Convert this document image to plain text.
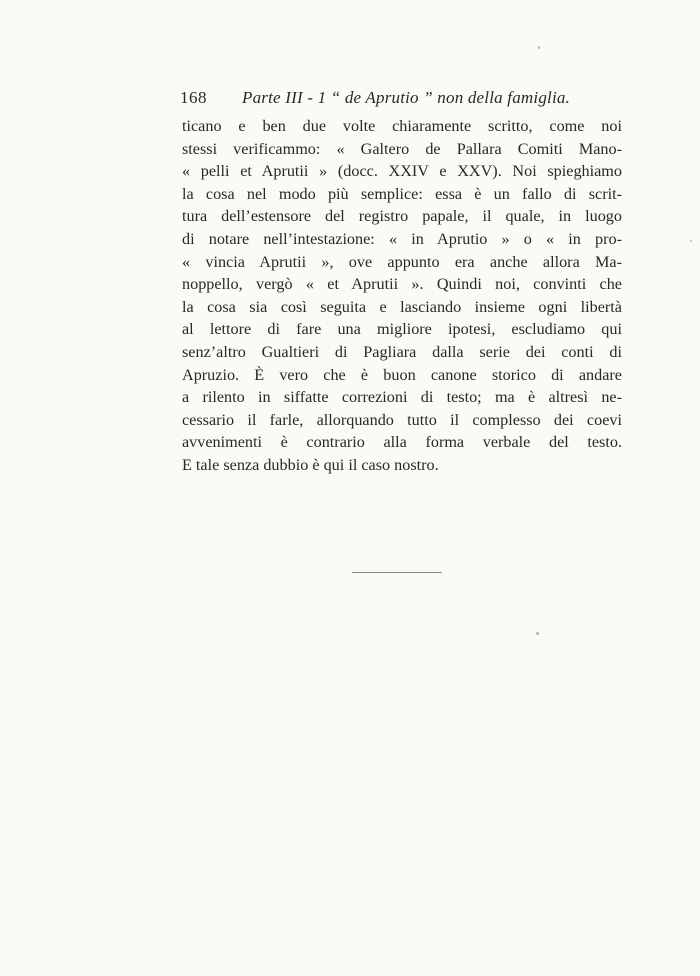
168 Parte III - 1 “ de Aprutio ” non della famiglia.
ticano e ben due volte chiaramente scritto, come noi
stessi verificammo: « Galtero de Pallara Comiti Mano-
« pelli et Aprutii » (docc. XXIV e XXV). Noi spieghiamo
la cosa nel modo più semplice: essa è un fallo di scrit-
tura dell’estensore del registro papale, il quale, in luogo
di notare nell’intestazione: « in Aprutio » o « in pro-
« vincia Aprutii », ove appunto era anche allora Ma-
noppello, vergò « et Aprutii ». Quindi noi, convinti che
la cosa sia così seguita e lasciando insieme ogni libertà
al lettore di fare una migliore ipotesi, escludiamo qui
senz’altro Gualtieri di Pagliara dalla serie dei conti di
Apruzio. È vero che è buon canone storico di andare
a rilento in siffatte correzioni di testo; ma è altresì ne-
cessario il farle, allorquando tutto il complesso dei coevi
avvenimenti è contrario alla forma verbale del testo.
E tale senza dubbio è qui il caso nostro.
